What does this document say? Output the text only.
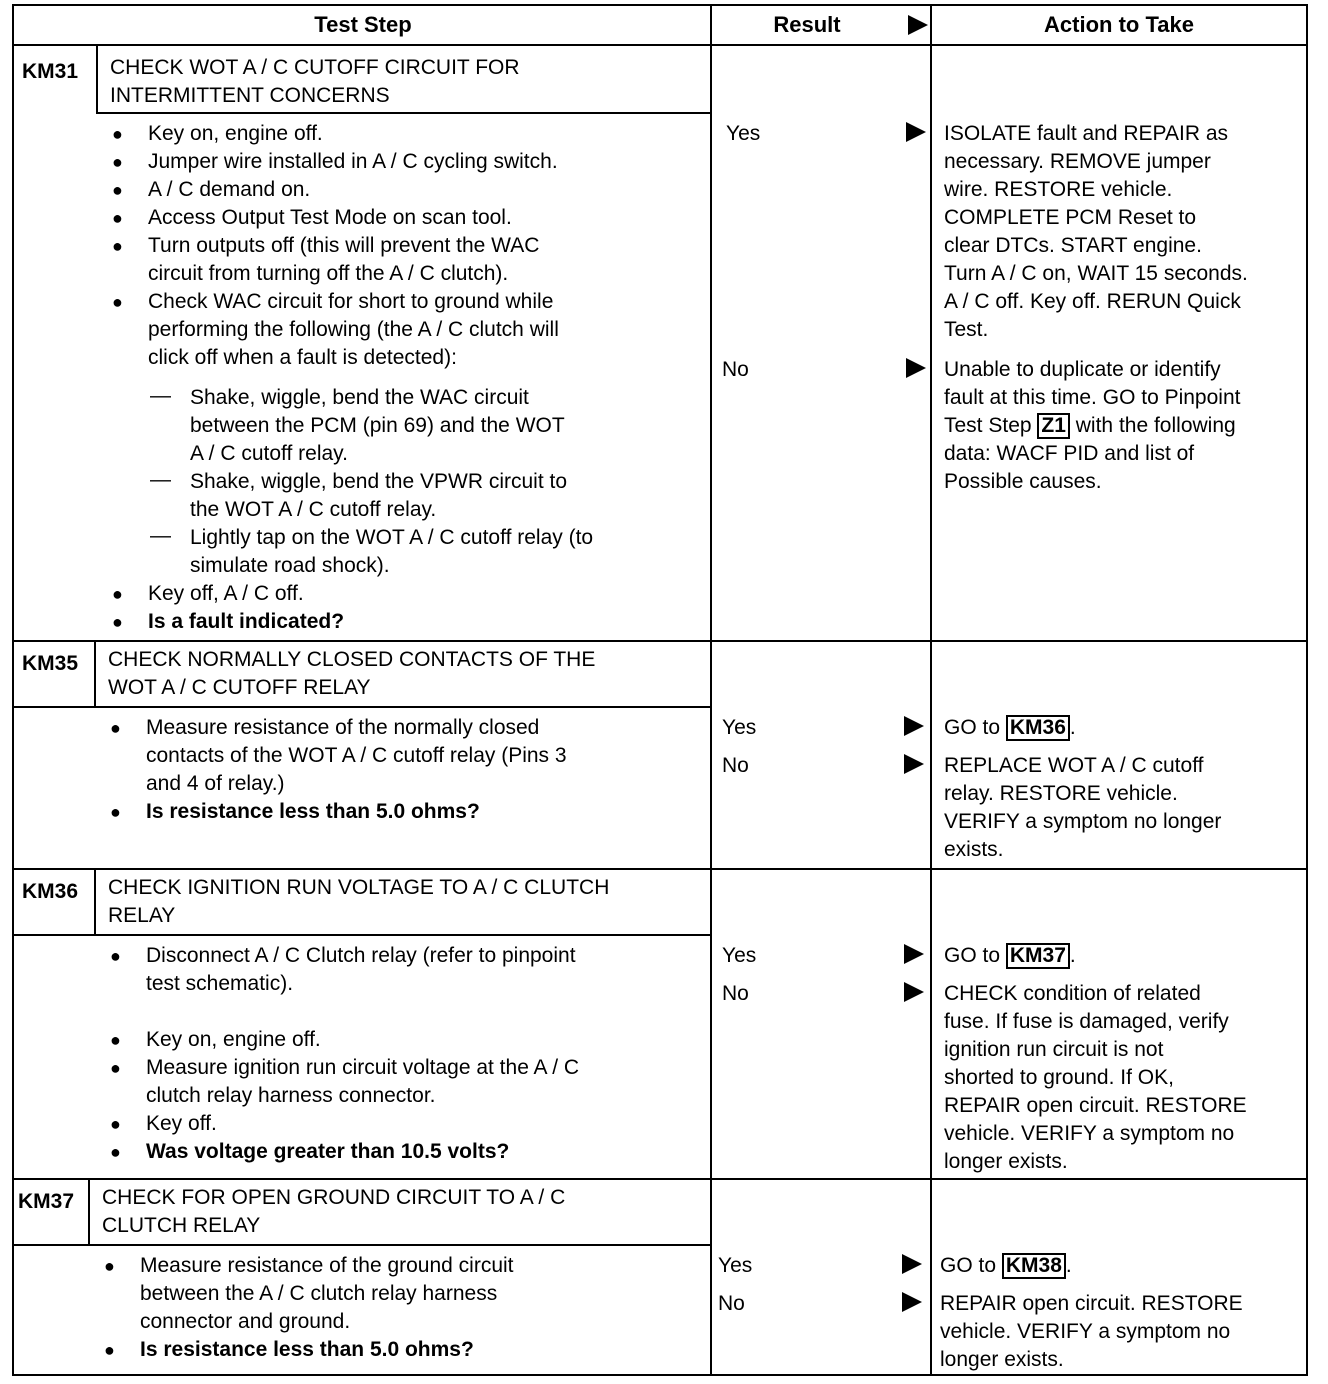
Test Step	Result	Action to Take
KM31 CHECK WOT A / C CUTOFF CIRCUIT FOR
INTERMITTENT CONCERNS
● Key on, engine off.
● Jumper wire installed in A / C cycling switch.
● A / C demand on.
● Access Output Test Mode on scan tool.
● Turn outputs off (this will prevent the WAC
circuit from turning off the A / C clutch).
● Check WAC circuit for short to ground while
performing the following (the A / C clutch will
click off when a fault is detected):
— Shake, wiggle, bend the WAC circuit
between the PCM (pin 69) and the WOT
A / C cutoff relay.
— Shake, wiggle, bend the VPWR circuit to
the WOT A / C cutoff relay.
— Lightly tap on the WOT A / C cutoff relay (to
simulate road shock).
● Key off, A / C off.
● Is a fault indicated?
Yes
No
ISOLATE fault and REPAIR as
necessary. REMOVE jumper
wire. RESTORE vehicle.
COMPLETE PCM Reset to
clear DTCs. START engine.
Turn A / C on, WAIT 15 seconds.
A / C off. Key off. RERUN Quick
Test.
Unable to duplicate or identify
fault at this time. GO to Pinpoint
Test Step Z1 with the following
data: WACF PID and list of
Possible causes.
KM35 CHECK NORMALLY CLOSED CONTACTS OF THE
WOT A / C CUTOFF RELAY
● Measure resistance of the normally closed
contacts of the WOT A / C cutoff relay (Pins 3
and 4 of relay.)
● Is resistance less than 5.0 ohms?
Yes
No
GO to KM36 .
REPLACE WOT A / C cutoff
relay. RESTORE vehicle.
VERIFY a symptom no longer
exists.
KM36 CHECK IGNITION RUN VOLTAGE TO A / C CLUTCH
RELAY
● Disconnect A / C Clutch relay (refer to pinpoint
test schematic).
● Key on, engine off.
● Measure ignition run circuit voltage at the A / C
clutch relay harness connector.
● Key off.
● Was voltage greater than 10.5 volts?
Yes
No
GO to KM37 .
CHECK condition of related
fuse. If fuse is damaged, verify
ignition run circuit is not
shorted to ground. If OK,
REPAIR open circuit. RESTORE
vehicle. VERIFY a symptom no
longer exists.
KM37 CHECK FOR OPEN GROUND CIRCUIT TO A / C
CLUTCH RELAY
● Measure resistance of the ground circuit
between the A / C clutch relay harness
connector and ground.
● Is resistance less than 5.0 ohms?
Yes
No
GO to KM38 .
REPAIR open circuit. RESTORE
vehicle. VERIFY a symptom no
longer exists.
